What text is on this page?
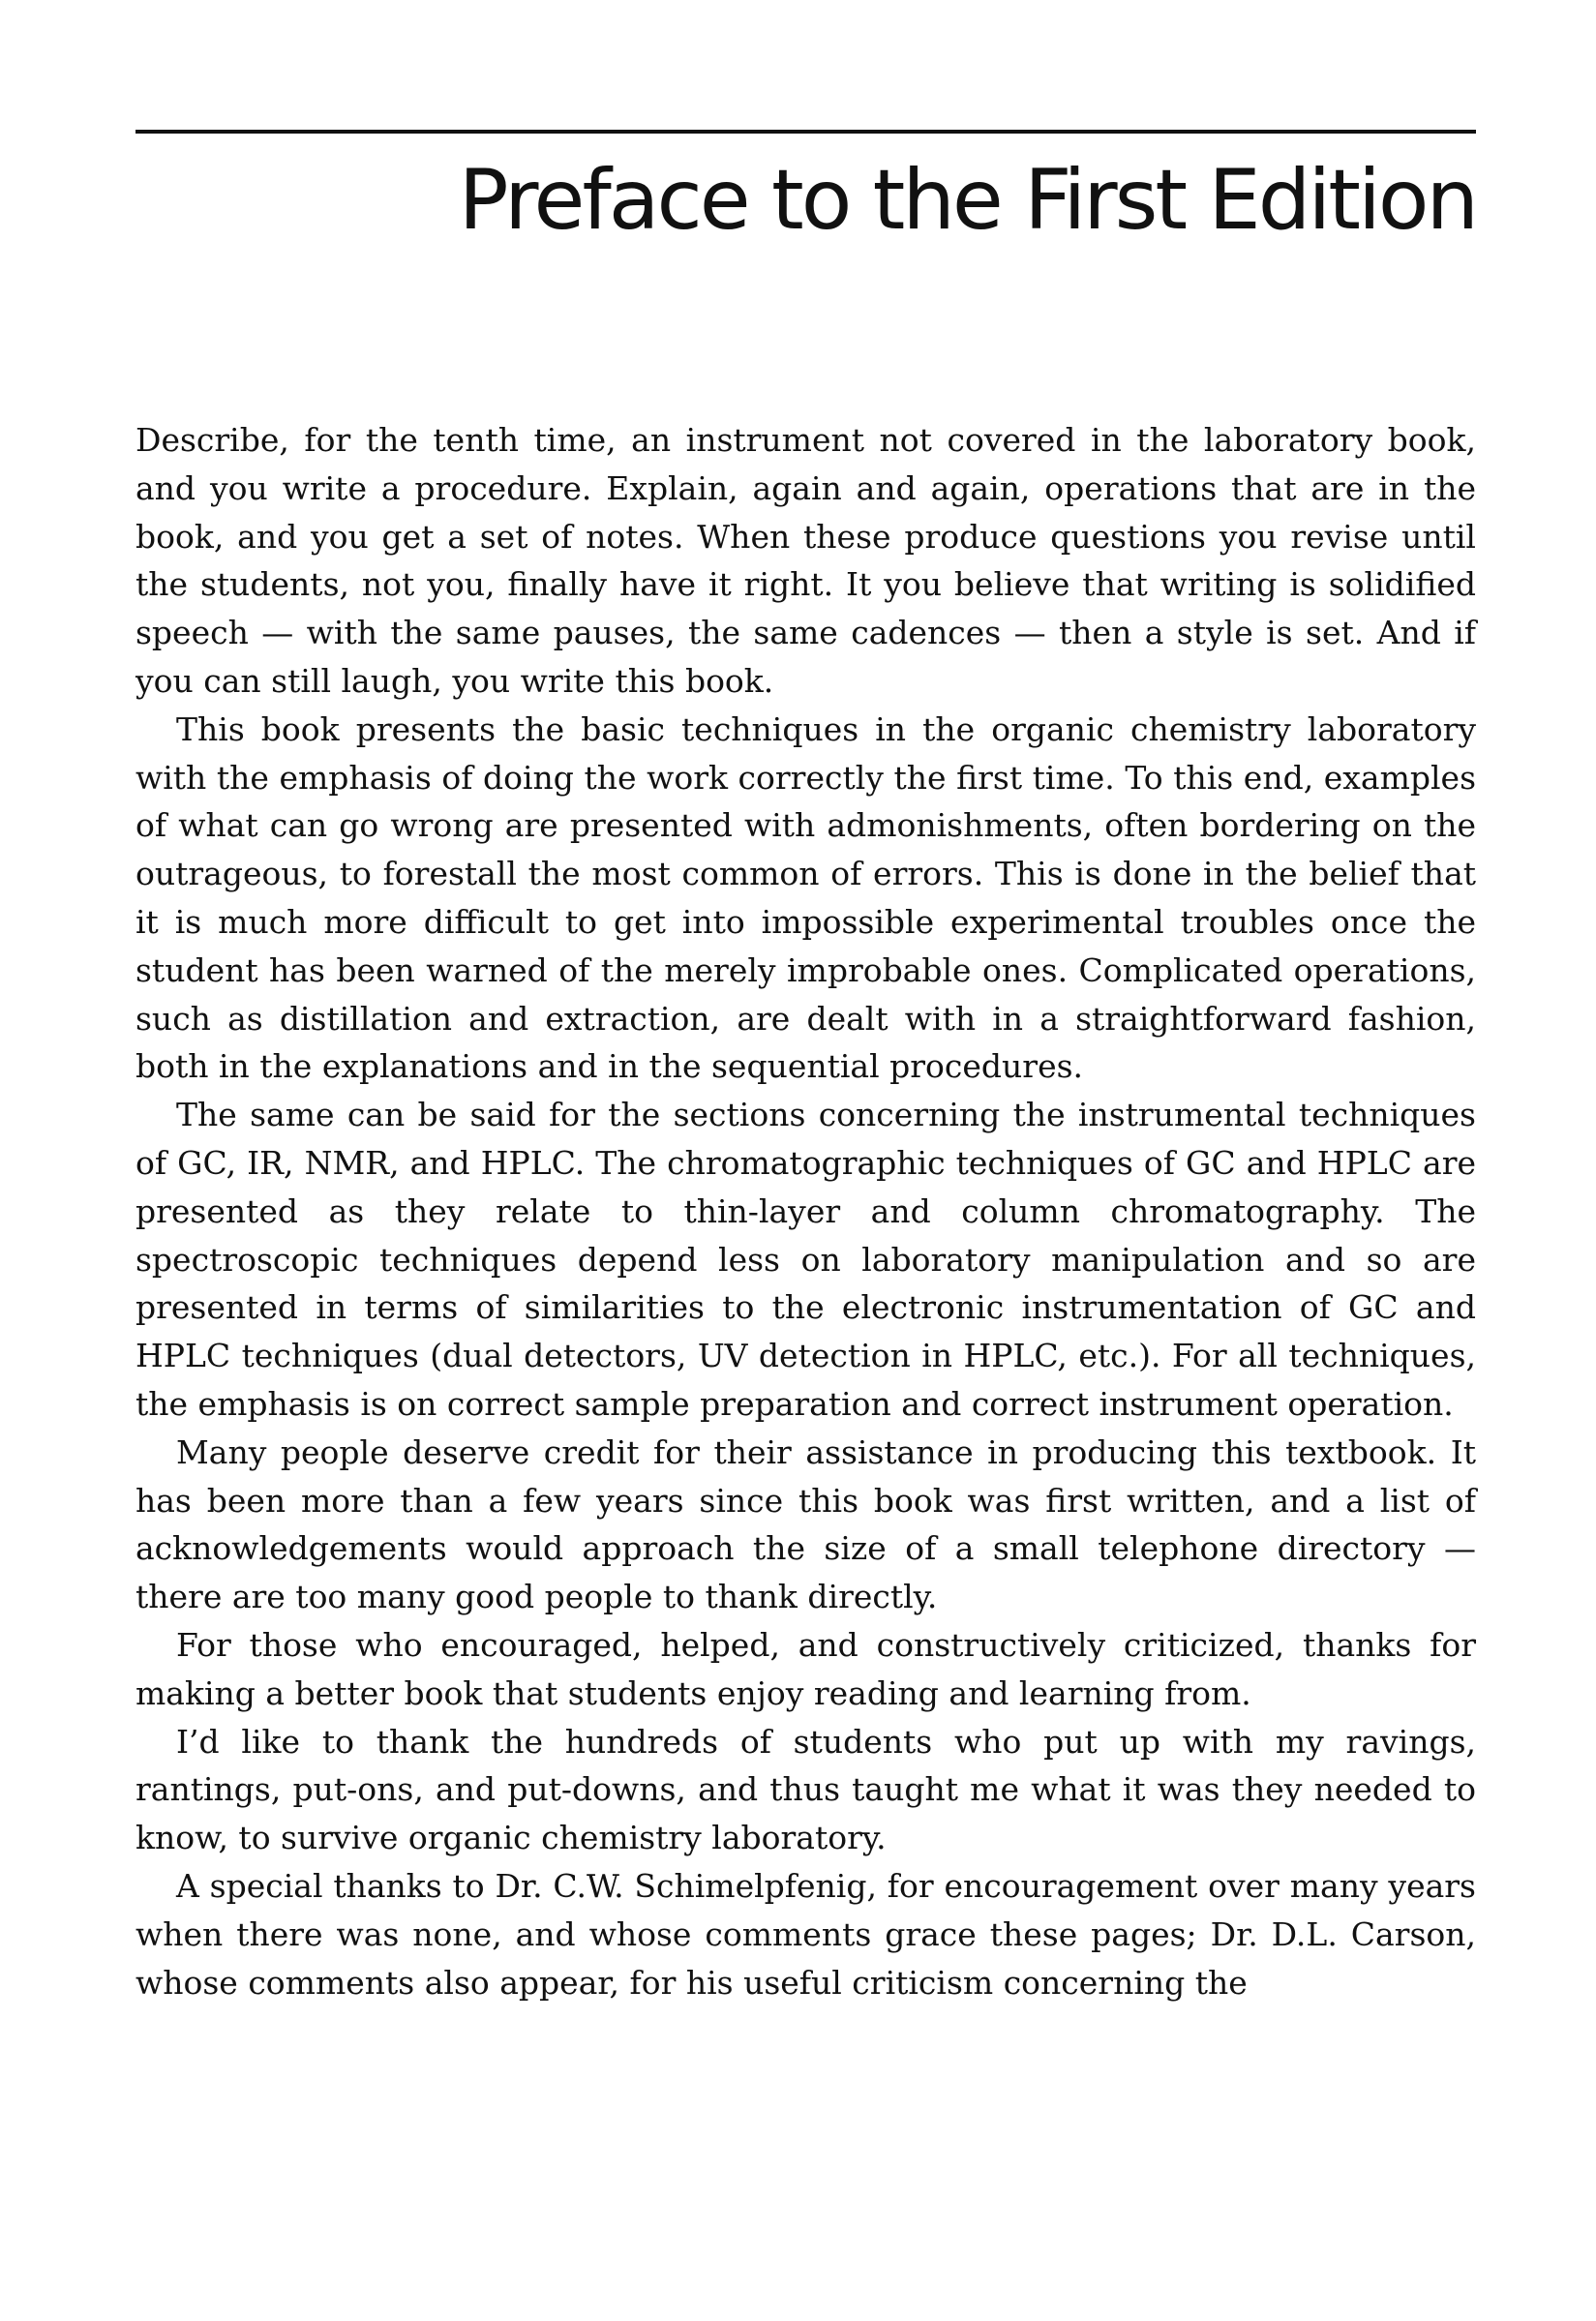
Preface to the First Edition

Describe, for the tenth time, an instrument not covered in the laboratory book, and you write a procedure. Explain, again and again, operations that are in the book, and you get a set of notes. When these produce questions you revise until the students, not you, finally have it right. It you believe that writing is solidified speech — with the same pauses, the same cadences — then a style is set. And if you can still laugh, you write this book.

This book presents the basic techniques in the organic chemistry laboratory with the emphasis of doing the work correctly the first time. To this end, examples of what can go wrong are presented with admonishments, often bordering on the outrageous, to forestall the most common of errors. This is done in the belief that it is much more difficult to get into impossible experimental troubles once the student has been warned of the merely improbable ones. Complicated operations, such as distillation and extraction, are dealt with in a straightforward fashion, both in the explanations and in the sequential procedures.

The same can be said for the sections concerning the instrumental techniques of GC, IR, NMR, and HPLC. The chromatographic techniques of GC and HPLC are presented as they relate to thin-layer and column chromatography. The spectroscopic techniques depend less on laboratory manipulation and so are presented in terms of similarities to the electronic instrumentation of GC and HPLC techniques (dual detectors, UV detection in HPLC, etc.). For all techniques, the emphasis is on correct sample preparation and correct instrument operation.

Many people deserve credit for their assistance in producing this textbook. It has been more than a few years since this book was first written, and a list of acknowledgements would approach the size of a small telephone directory — there are too many good people to thank directly.

For those who encouraged, helped, and constructively criticized, thanks for making a better book that students enjoy reading and learning from.

I’d like to thank the hundreds of students who put up with my ravings, rantings, put-ons, and put-downs, and thus taught me what it was they needed to know, to survive organic chemistry laboratory.

A special thanks to Dr. C.W. Schimelpfenig, for encouragement over many years when there was none, and whose comments grace these pages; Dr. D.L. Carson, whose comments also appear, for his useful criticism concerning the
